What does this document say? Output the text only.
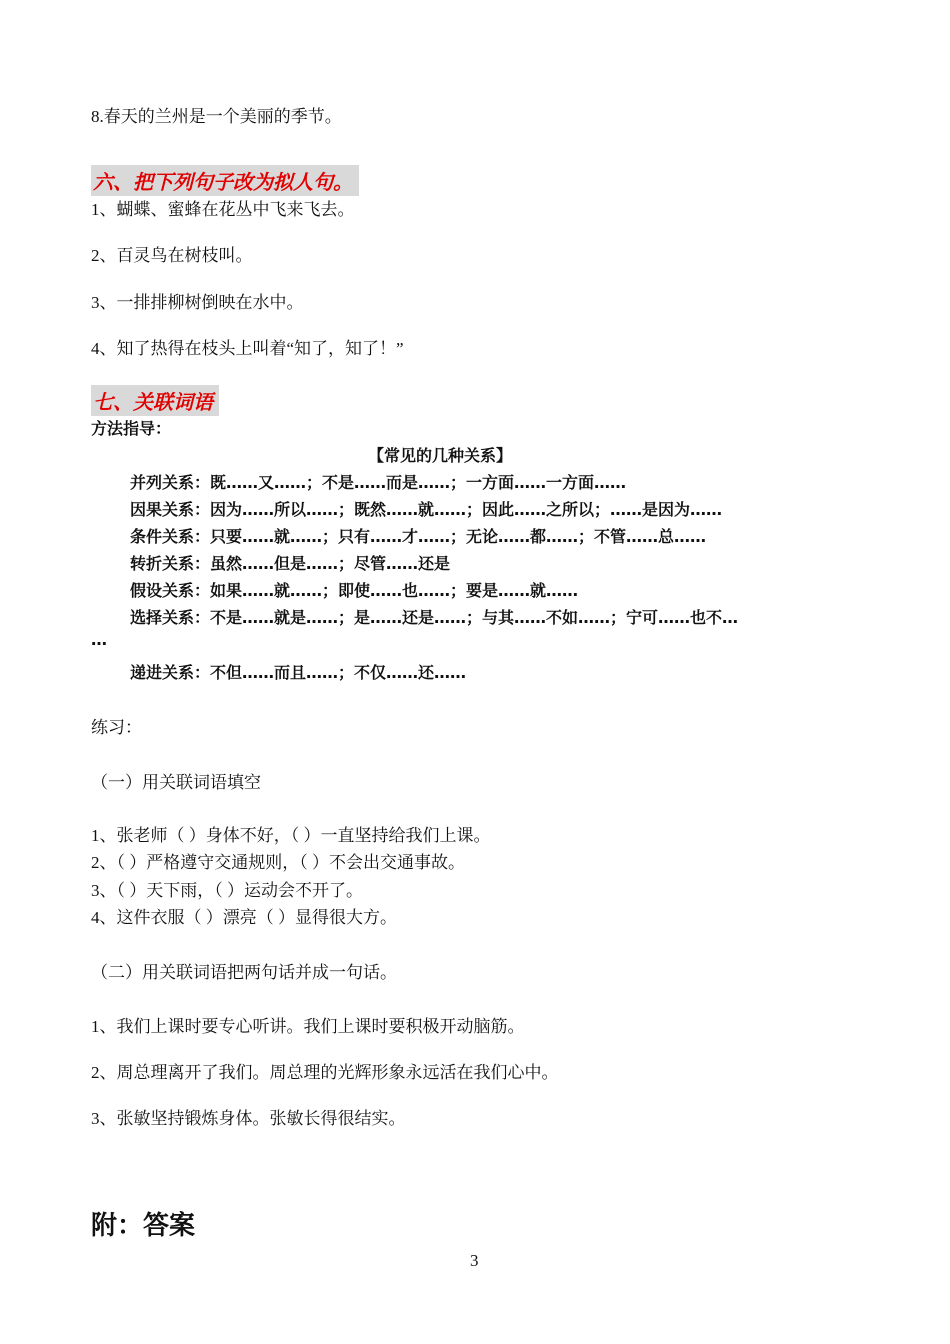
8.春天的兰州是一个美丽的季节。
六、把下列句子改为拟人句。
1、蝴蝶、蜜蜂在花丛中飞来飞去。
2、百灵鸟在树枝叫。
3、一排排柳树倒映在水中。
4、知了热得在枝头上叫着“知了，知了！”
七、关联词语
方法指导：
【常见的几种关系】
并列关系：既……又……；不是……而是……；一方面……一方面……
因果关系：因为……所以……；既然……就……；因此……之所以；……是因为……
条件关系：只要……就……；只有……才……；无论……都……；不管……总……
转折关系：虽然……但是……；尽管……还是
假设关系：如果……就……；即使……也……；要是……就……
选择关系：不是……就是……；是……还是……；与其……不如……；宁可……也不…
…
递进关系：不但……而且……；不仅……还……
练习：
（一）用关联词语填空
1、张老师（ ）身体不好，（ ）一直坚持给我们上课。
2、（ ）严格遵守交通规则，（ ）不会出交通事故。
3、（ ）天下雨，（ ）运动会不开了。
4、这件衣服（ ）漂亮（ ）显得很大方。
（二）用关联词语把两句话并成一句话。
1、我们上课时要专心听讲。我们上课时要积极开动脑筋。
2、周总理离开了我们。周总理的光辉形象永远活在我们心中。
3、张敏坚持锻炼身体。张敏长得很结实。
附：答案
3
